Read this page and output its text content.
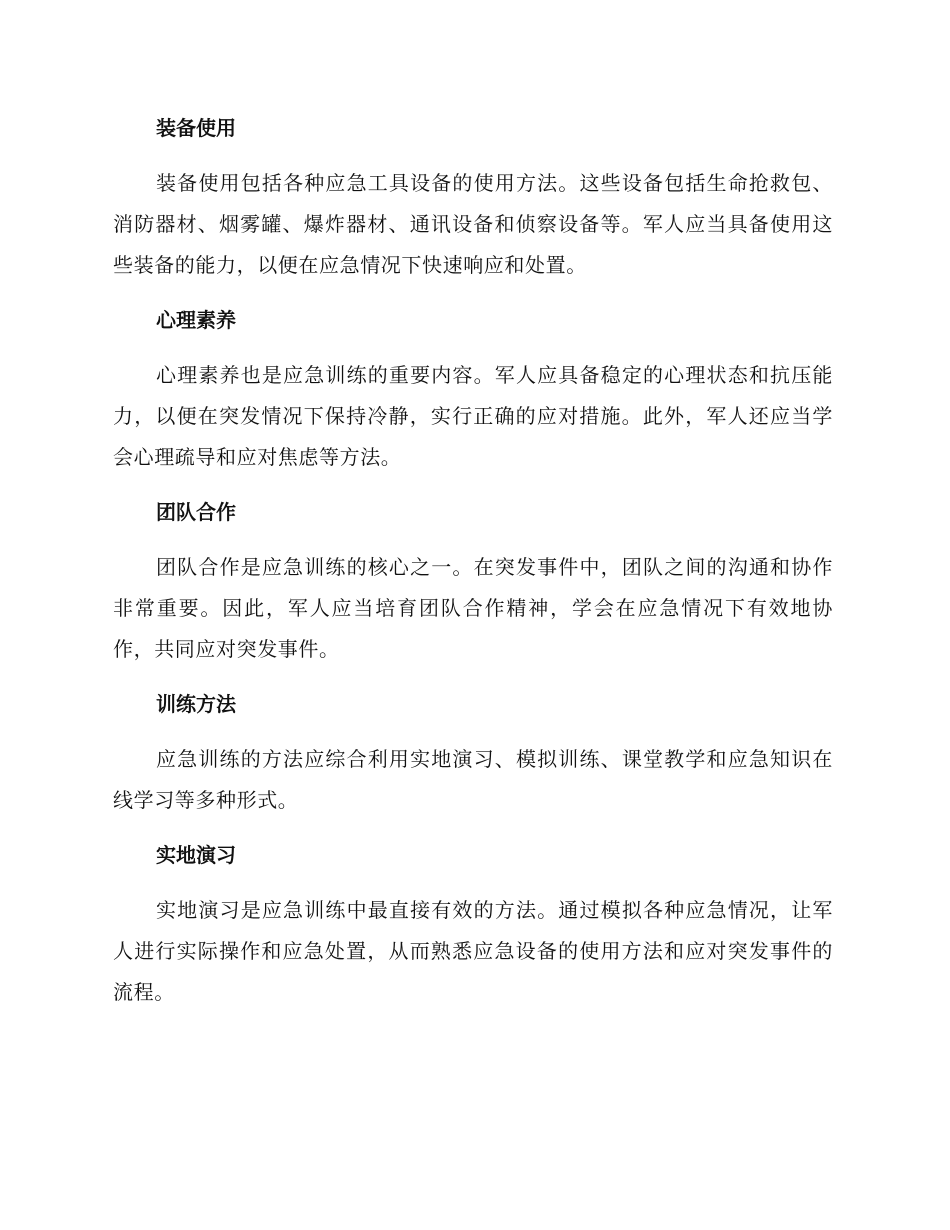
装备使用

装备使用包括各种应急工具设备的使用方法。这些设备包括生命抢救包、消防器材、烟雾罐、爆炸器材、通讯设备和侦察设备等。军人应当具备使用这些装备的能力，以便在应急情况下快速响应和处置。

心理素养

心理素养也是应急训练的重要内容。军人应具备稳定的心理状态和抗压能力，以便在突发情况下保持冷静，实行正确的应对措施。此外，军人还应当学会心理疏导和应对焦虑等方法。

团队合作

团队合作是应急训练的核心之一。在突发事件中，团队之间的沟通和协作非常重要。因此，军人应当培育团队合作精神，学会在应急情况下有效地协作，共同应对突发事件。

训练方法

应急训练的方法应综合利用实地演习、模拟训练、课堂教学和应急知识在线学习等多种形式。

实地演习

实地演习是应急训练中最直接有效的方法。通过模拟各种应急情况，让军人进行实际操作和应急处置，从而熟悉应急设备的使用方法和应对突发事件的流程。
